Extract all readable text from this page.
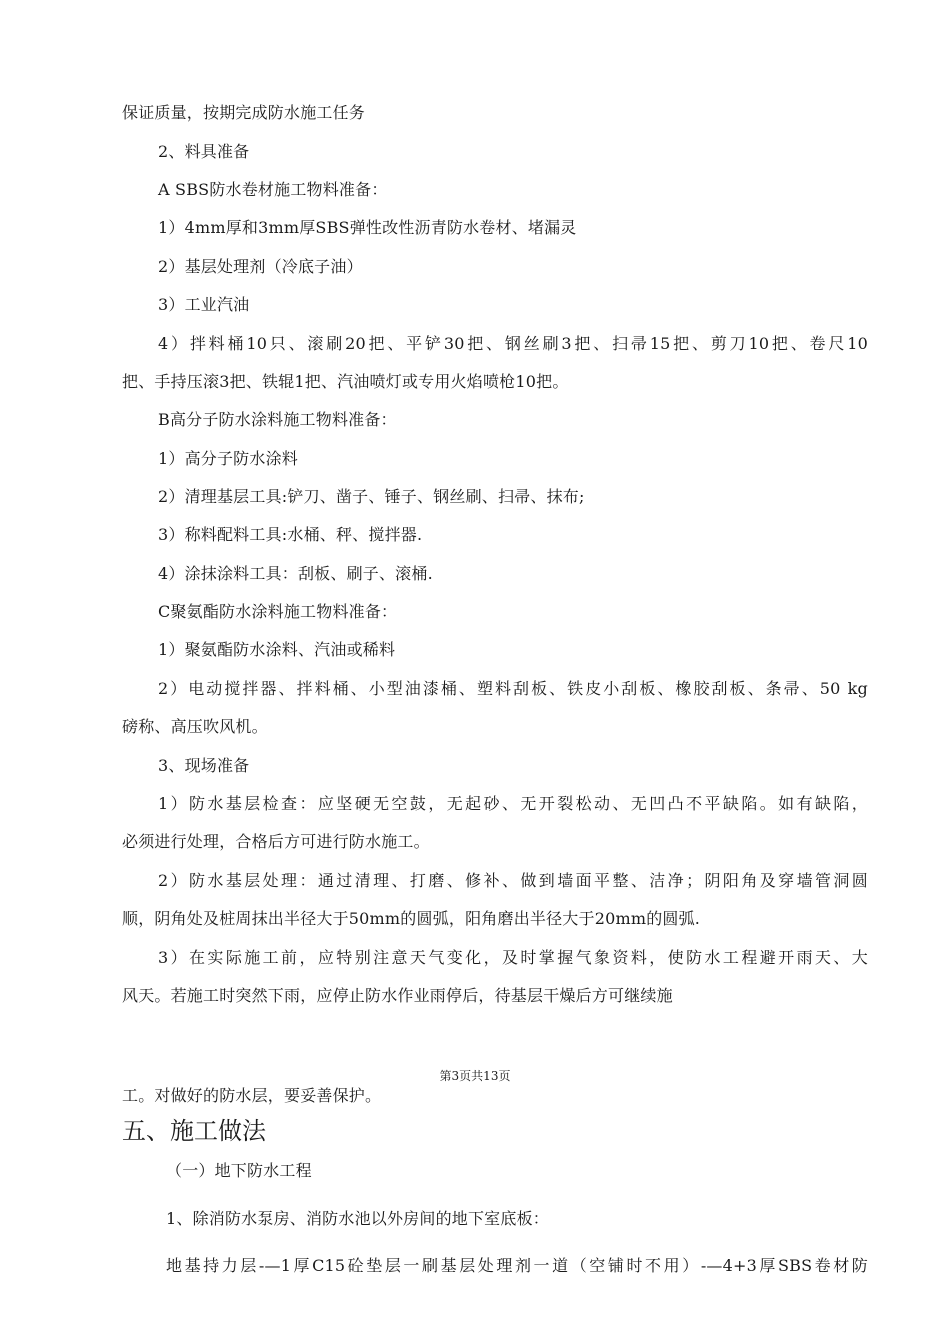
保证质量，按期完成防水施工任务
2、料具准备
A SBS防水卷材施工物料准备：
1）4mm厚和3mm厚SBS弹性改性沥青防水卷材、堵漏灵
2）基层处理剂（冷底子油）
3）工业汽油
4）拌料桶10只、滚刷20把、平铲30把、钢丝刷3把、扫帚15把、剪刀10把、卷尺10
把、手持压滚3把、铁辊1把、汽油喷灯或专用火焰喷枪10把。
B高分子防水涂料施工物料准备：
1）高分子防水涂料
2）清理基层工具:铲刀、凿子、锤子、钢丝刷、扫帚、抹布;
3）称料配料工具:水桶、秤、搅拌器.
4）涂抹涂料工具：刮板、刷子、滚桶.
C聚氨酯防水涂料施工物料准备：
1）聚氨酯防水涂料、汽油或稀料
2）电动搅拌器、拌料桶、小型油漆桶、塑料刮板、铁皮小刮板、橡胶刮板、条帚、50 kg
磅称、高压吹风机。
3、现场准备
1）防水基层检查：应坚硬无空鼓，无起砂、无开裂松动、无凹凸不平缺陷。如有缺陷，
必须进行处理，合格后方可进行防水施工。
2）防水基层处理：通过清理、打磨、修补、做到墙面平整、洁净；阴阳角及穿墙管洞圆
顺，阴角处及桩周抹出半径大于50mm的圆弧，阳角磨出半径大于20mm的圆弧.
3）在实际施工前，应特别注意天气变化，及时掌握气象资料，使防水工程避开雨天、大
风天。若施工时突然下雨，应停止防水作业雨停后，待基层干燥后方可继续施
第3页共13页
工。对做好的防水层，要妥善保护。
五、施工做法
（一）地下防水工程
1、除消防水泵房、消防水池以外房间的地下室底板：
地基持力层-—1厚C15砼垫层一刷基层处理剂一道（空铺时不用）-—4+3厚SBS卷材防
